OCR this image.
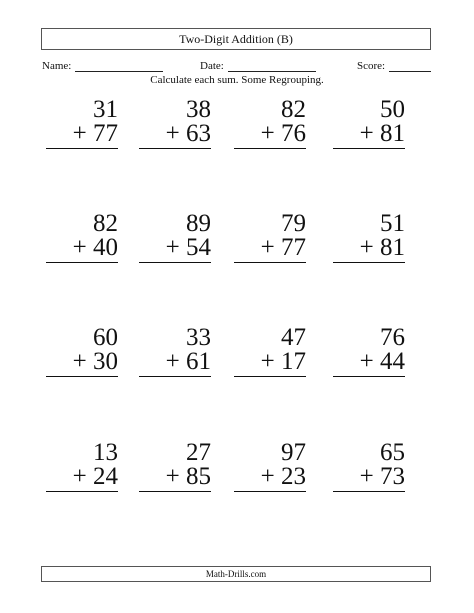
Two-Digit Addition (B)
Name:	Date:	Score:
Calculate each sum. Some Regrouping.
31
+ 77
38
+ 63
82
+ 76
50
+ 81
82
+ 40
89
+ 54
79
+ 77
51
+ 81
60
+ 30
33
+ 61
47
+ 17
76
+ 44
13
+ 24
27
+ 85
97
+ 23
65
+ 73
Math-Drills.com
